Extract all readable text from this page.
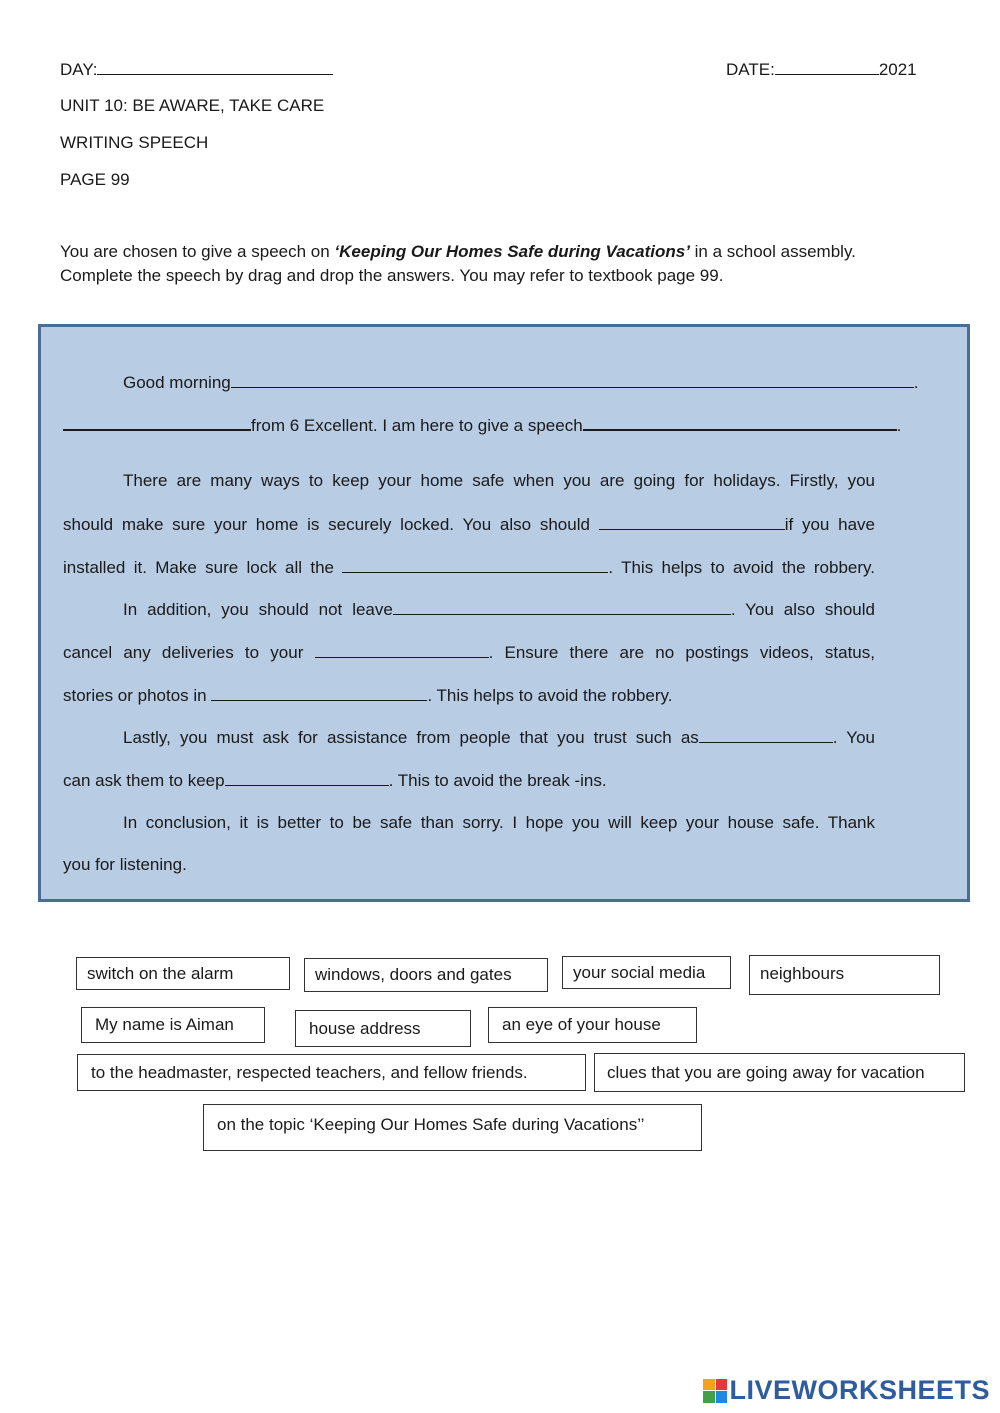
DAY:	DATE:	2021
UNIT 10: BE AWARE, TAKE CARE
WRITING SPEECH
PAGE 99
You are chosen to give a speech on ‘Keeping Our Homes Safe during Vacations’ in a school assembly.
Complete the speech by drag and drop the answers. You may refer to textbook page 99.
Good morning	.
from 6 Excellent. I am here to give a speech	.
There are many ways to keep your home safe when you are going for holidays. Firstly, you
should make sure your home is securely locked. You also should	if you have
installed it. Make sure lock all the	. This helps to avoid the robbery.
In addition, you should not leave	. You also should
cancel any deliveries to your	. Ensure there are no postings videos, status,
stories or photos in	. This helps to avoid the robbery.
Lastly, you must ask for assistance from people that you trust such as	. You
can ask them to keep	. This to avoid the break -ins.
In conclusion, it is better to be safe than sorry. I hope you will keep your house safe. Thank
you for listening.
switch on the alarm	windows, doors and gates	your social media	neighbours
My name is Aiman	house address	an eye of your house
to the headmaster, respected teachers, and fellow friends.	clues that you are going away for vacation
on the topic ‘Keeping Our Homes Safe during Vacations’’
LIVEWORKSHEETS
